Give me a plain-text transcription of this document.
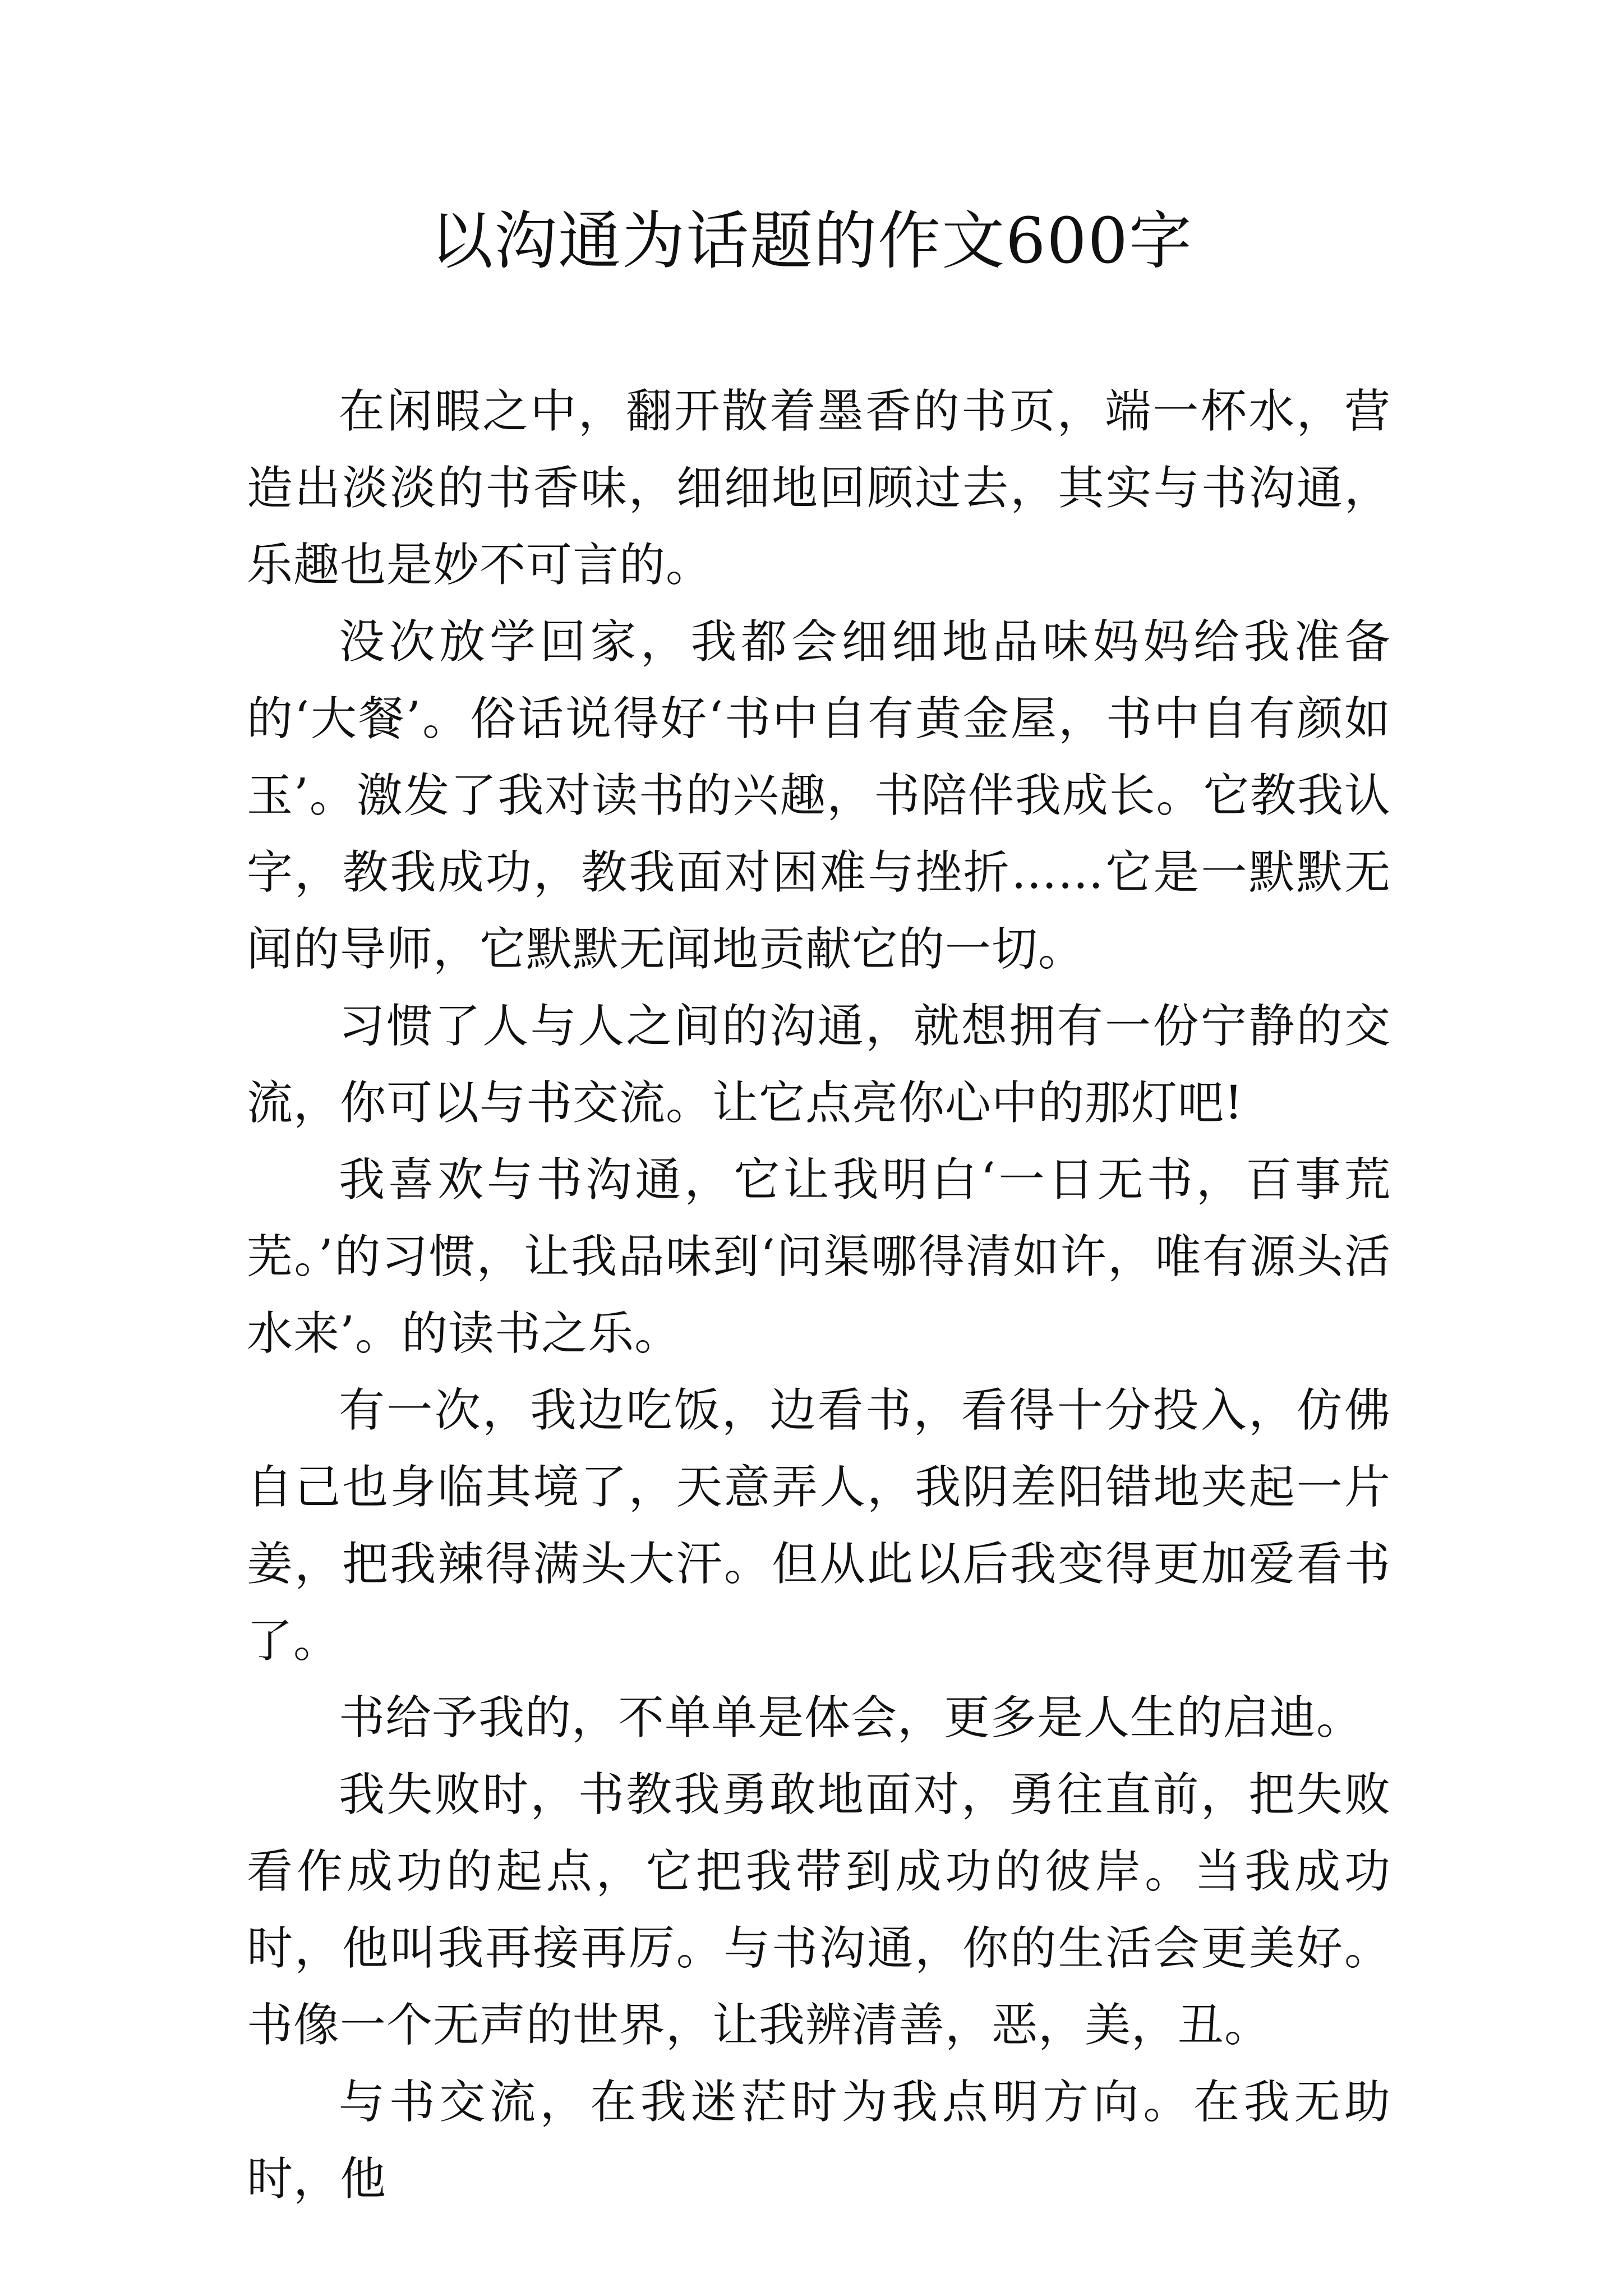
以沟通为话题的作文600字

在闲暇之中，翻开散着墨香的书页，端一杯水，营造出淡淡的书香味，细细地回顾过去，其实与书沟通，乐趣也是妙不可言的。

没次放学回家，我都会细细地品味妈妈给我准备的‘大餐’。俗话说得好‘书中自有黄金屋，书中自有颜如玉’。激发了我对读书的兴趣，书陪伴我成长。它教我认字，教我成功，教我面对困难与挫折……它是一默默无闻的导师，它默默无闻地贡献它的一切。

习惯了人与人之间的沟通，就想拥有一份宁静的交流，你可以与书交流。让它点亮你心中的那灯吧!

我喜欢与书沟通，它让我明白‘一日无书，百事荒芜。’的习惯，让我品味到‘问渠哪得清如许，唯有源头活水来’。的读书之乐。

有一次，我边吃饭，边看书，看得十分投入，仿佛自己也身临其境了，天意弄人，我阴差阳错地夹起一片姜，把我辣得满头大汗。但从此以后我变得更加爱看书了。

书给予我的，不单单是体会，更多是人生的启迪。

我失败时，书教我勇敢地面对，勇往直前，把失败看作成功的起点，它把我带到成功的彼岸。当我成功时，他叫我再接再厉。与书沟通，你的生活会更美好。书像一个无声的世界，让我辨清善，恶，美，丑。

与书交流，在我迷茫时为我点明方向。在我无助时，他
